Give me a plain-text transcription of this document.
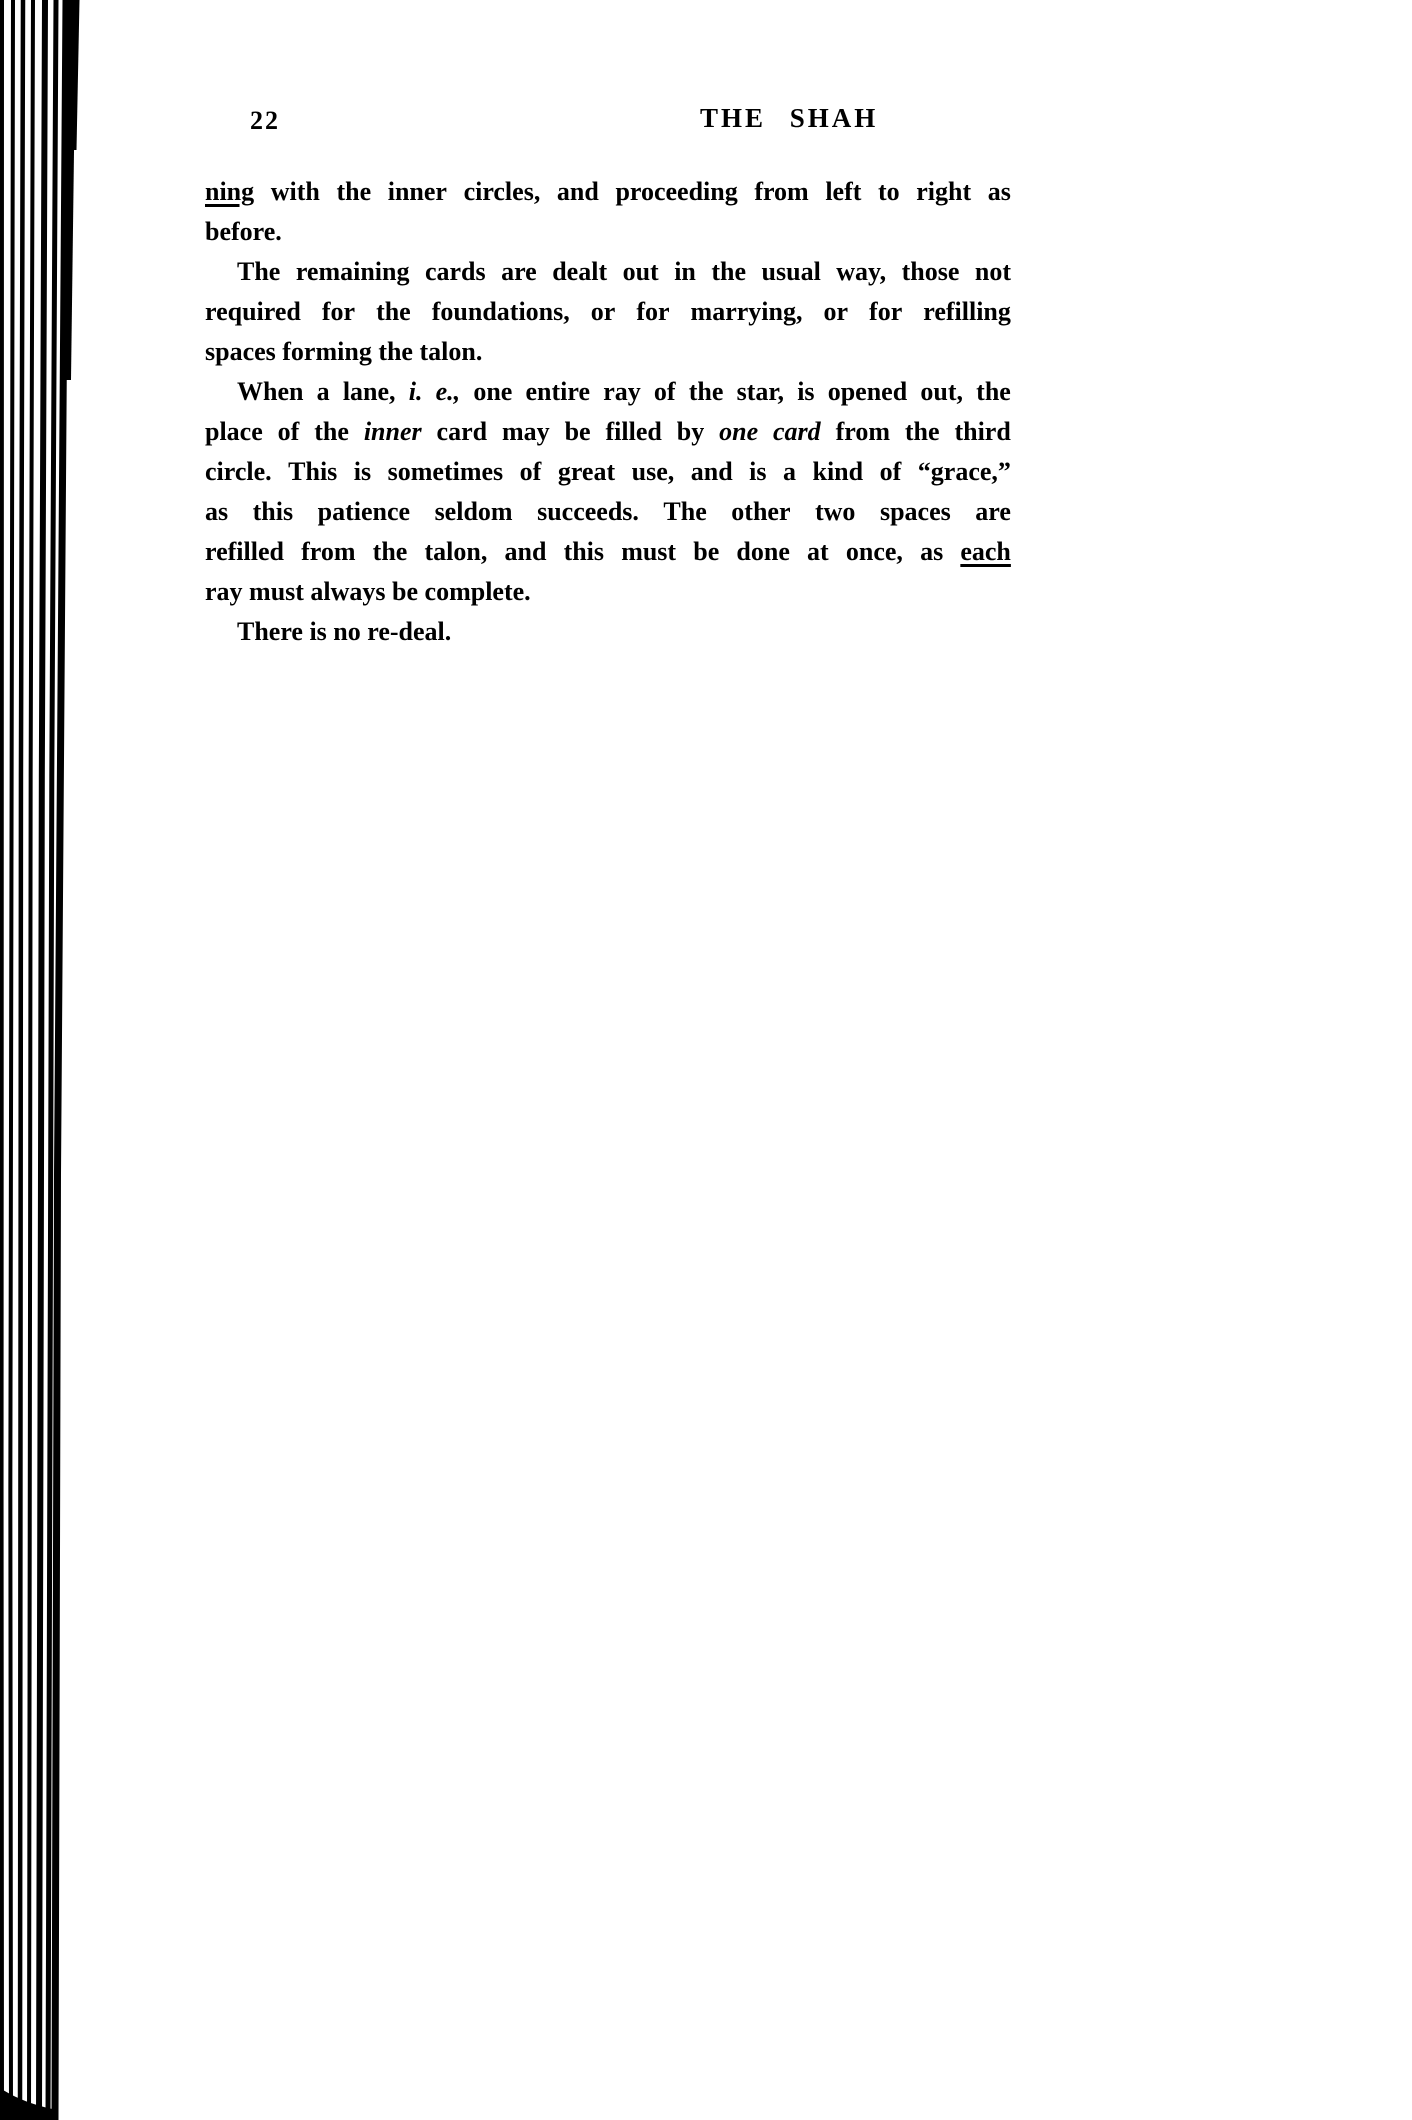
22	THE SHAH
ning with the inner circles, and proceeding from left to right as
before.
The remaining cards are dealt out in the usual way, those not
required for the foundations, or for marrying, or for refilling
spaces forming the talon.
When a lane, i. e., one entire ray of the star, is opened out, the
place of the inner card may be filled by one card from the third
circle. This is sometimes of great use, and is a kind of “grace,”
as this patience seldom succeeds. The other two spaces are
refilled from the talon, and this must be done at once, as each
ray must always be complete.
There is no re-deal.
